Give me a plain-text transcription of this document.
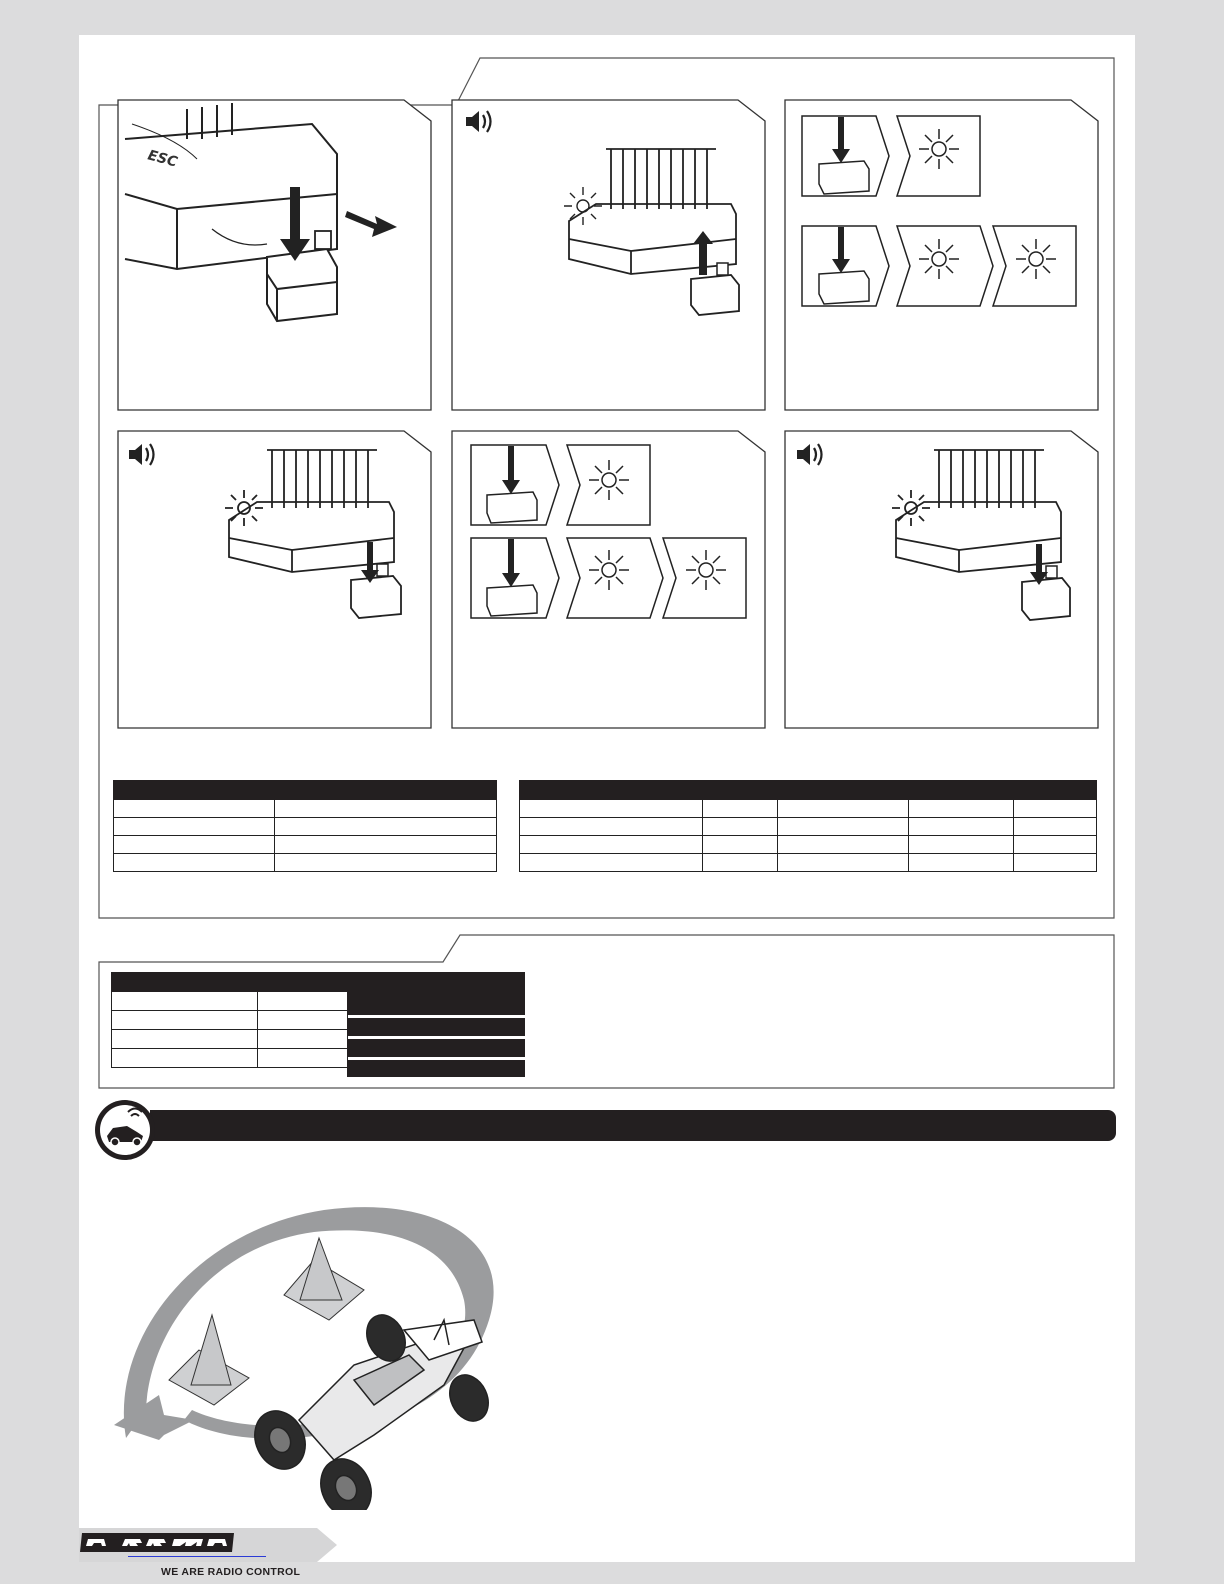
ESC

WE ARE RADIO CONTROL
